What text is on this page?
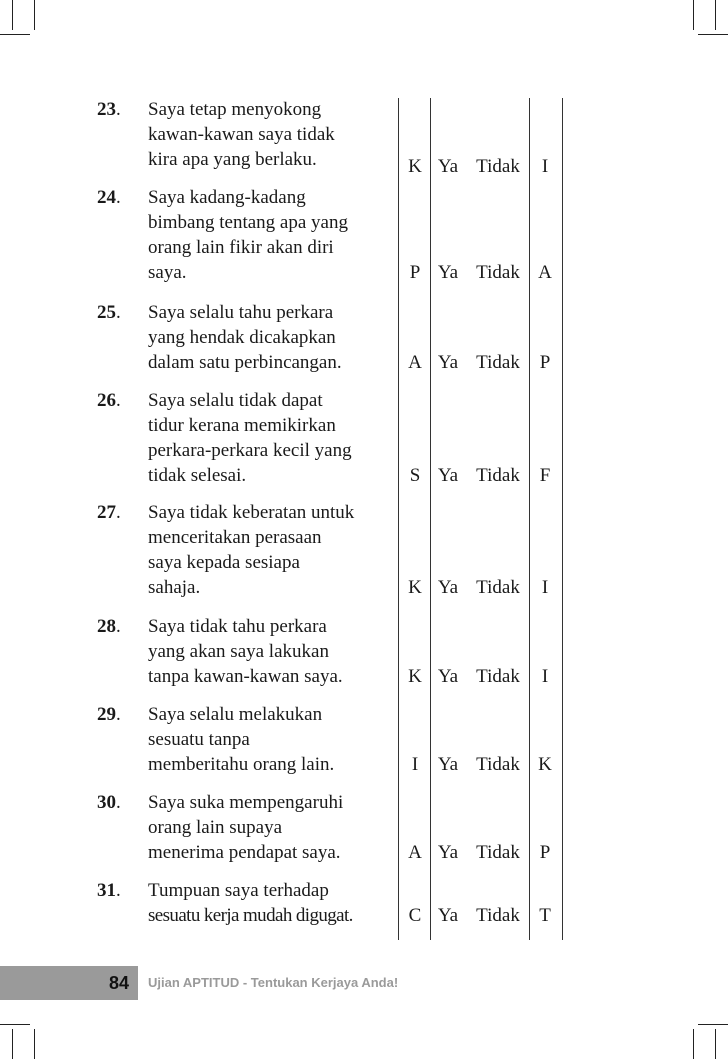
23. Saya tetap menyokong
kawan-kawan saya tidak
kira apa yang berlaku.	K Ya Tidak	I
24. Saya kadang-kadang
bimbang tentang apa yang
orang lain fikir akan diri
saya.	P Ya Tidak A
25. Saya selalu tahu perkara
yang hendak dicakapkan
dalam satu perbincangan.	A Ya Tidak	P
26. Saya selalu tidak dapat
tidur kerana memikirkan
perkara-perkara kecil yang
tidak selesai.	S Ya Tidak	F
27. Saya tidak keberatan untuk
menceritakan perasaan
saya kepada sesiapa
sahaja.	K Ya Tidak	I
28. Saya tidak tahu perkara
yang akan saya lakukan
tanpa kawan-kawan saya.	K Ya Tidak	I
29. Saya selalu melakukan
sesuatu tanpa
memberitahu orang lain.	I	Ya Tidak K
30. Saya suka mempengaruhi
orang lain supaya
menerima pendapat saya.	A Ya Tidak	P
31. Tumpuan saya terhadap
sesuatu kerja mudah digugat.	C Ya Tidak	T
84	Ujian APTITUD - Tentukan Kerjaya Anda!
